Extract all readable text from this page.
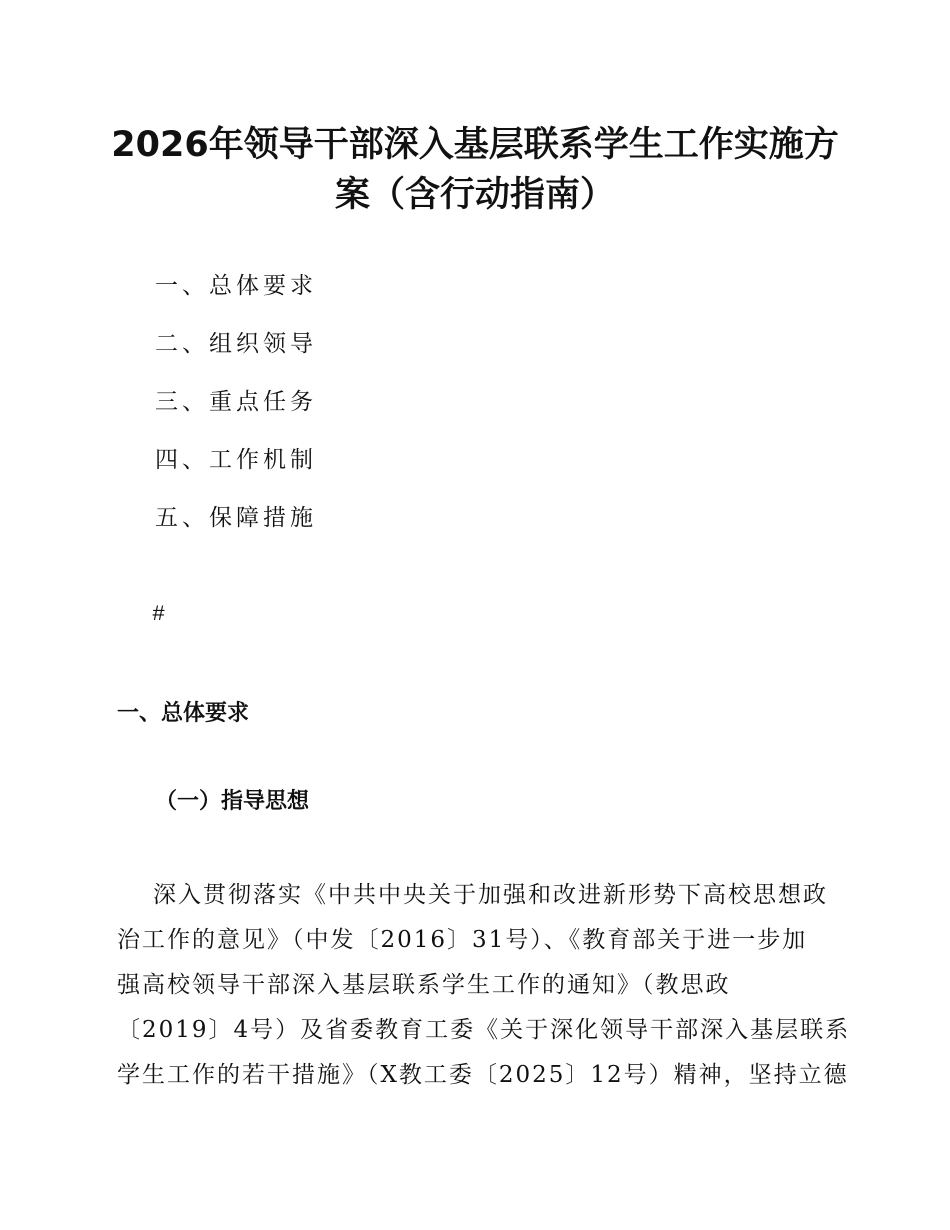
2026年领导干部深入基层联系学生工作实施方
案（含行动指南）
一、总体要求
二、组织领导
三、重点任务
四、工作机制
五、保障措施
#
一、总体要求
（一）指导思想
深入贯彻落实《中共中央关于加强和改进新形势下高校思想政
治工作的意见》（中发〔2016〕31号）、《教育部关于进一步加
强高校领导干部深入基层联系学生工作的通知》（教思政
〔2019〕4号）及省委教育工委《关于深化领导干部深入基层联系
学生工作的若干措施》（X教工委〔2025〕12号）精神，坚持立德
